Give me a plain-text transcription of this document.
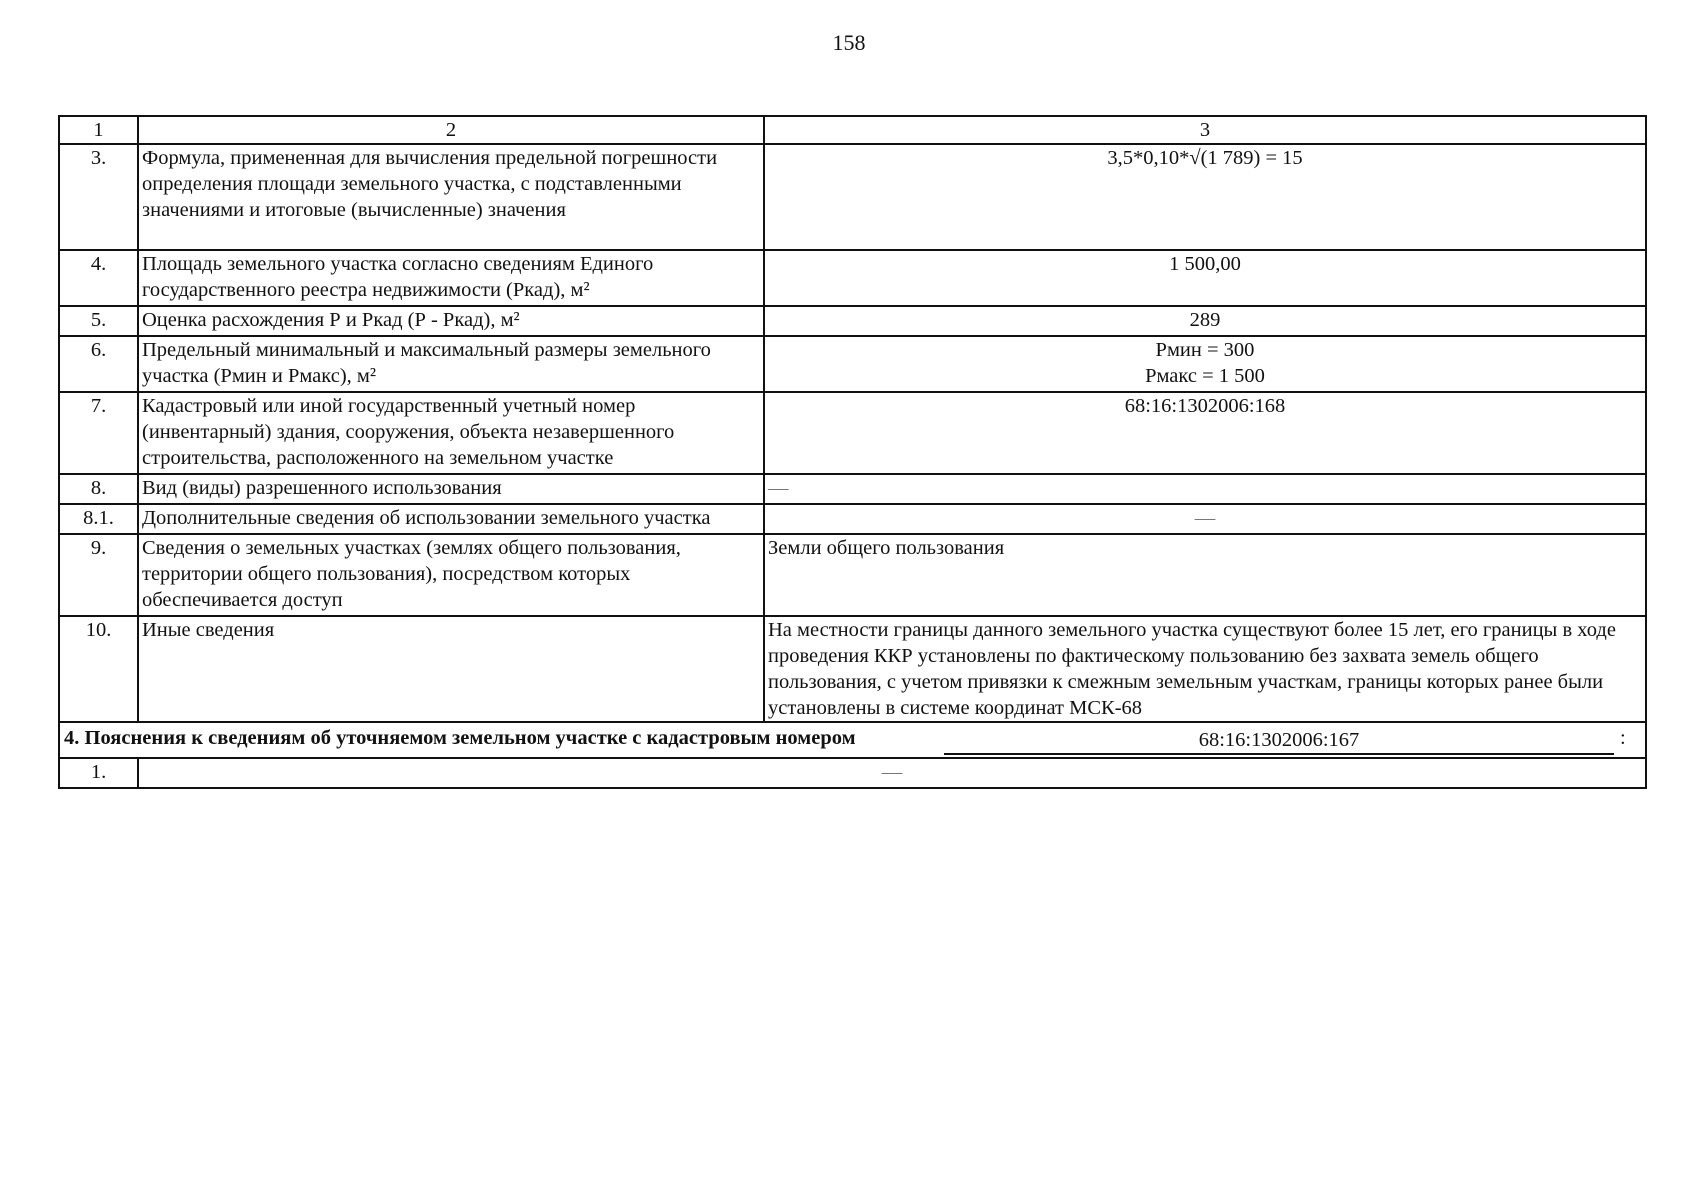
158
1	2	3
3.	Формула, примененная для вычисления предельной погрешности определения площади земельного участка, с подставленными значениями и итоговые (вычисленные) значения	3,5*0,10*√(1 789) = 15
4.	Площадь земельного участка согласно сведениям Единого государственного реестра недвижимости (Ркад), м²	1 500,00
5.	Оценка расхождения Р и Ркад (Р - Ркад), м²	289
6.	Предельный минимальный и максимальный размеры земельного участка (Рмин и Рмакс), м²	Рмин = 300
Рмакс = 1 500

7.	Кадастровый или иной государственный учетный номер (инвентарный) здания, сооружения, объекта незавершенного строительства, расположенного на земельном участке	68:16:1302006:168
8.	Вид (виды) разрешенного использования	—
8.1.	Дополнительные сведения об использовании земельного участка	—
9.	Сведения о земельных участках (землях общего пользования, территории общего пользования), посредством которых обеспечивается доступ	Земли общего пользования
10.	Иные сведения	На местности границы данного земельного участка существуют более 15 лет, его границы в ходе проведения ККР установлены по фактическому пользованию без захвата земель общего пользования, с учетом привязки к смежным земельным участкам, границы которых ранее были установлены в системе координат МСК-68

4. Пояснения к сведениям об уточняемом земельном участке с кадастровым номером 68:16:1302006:167 :		

1.	—	
